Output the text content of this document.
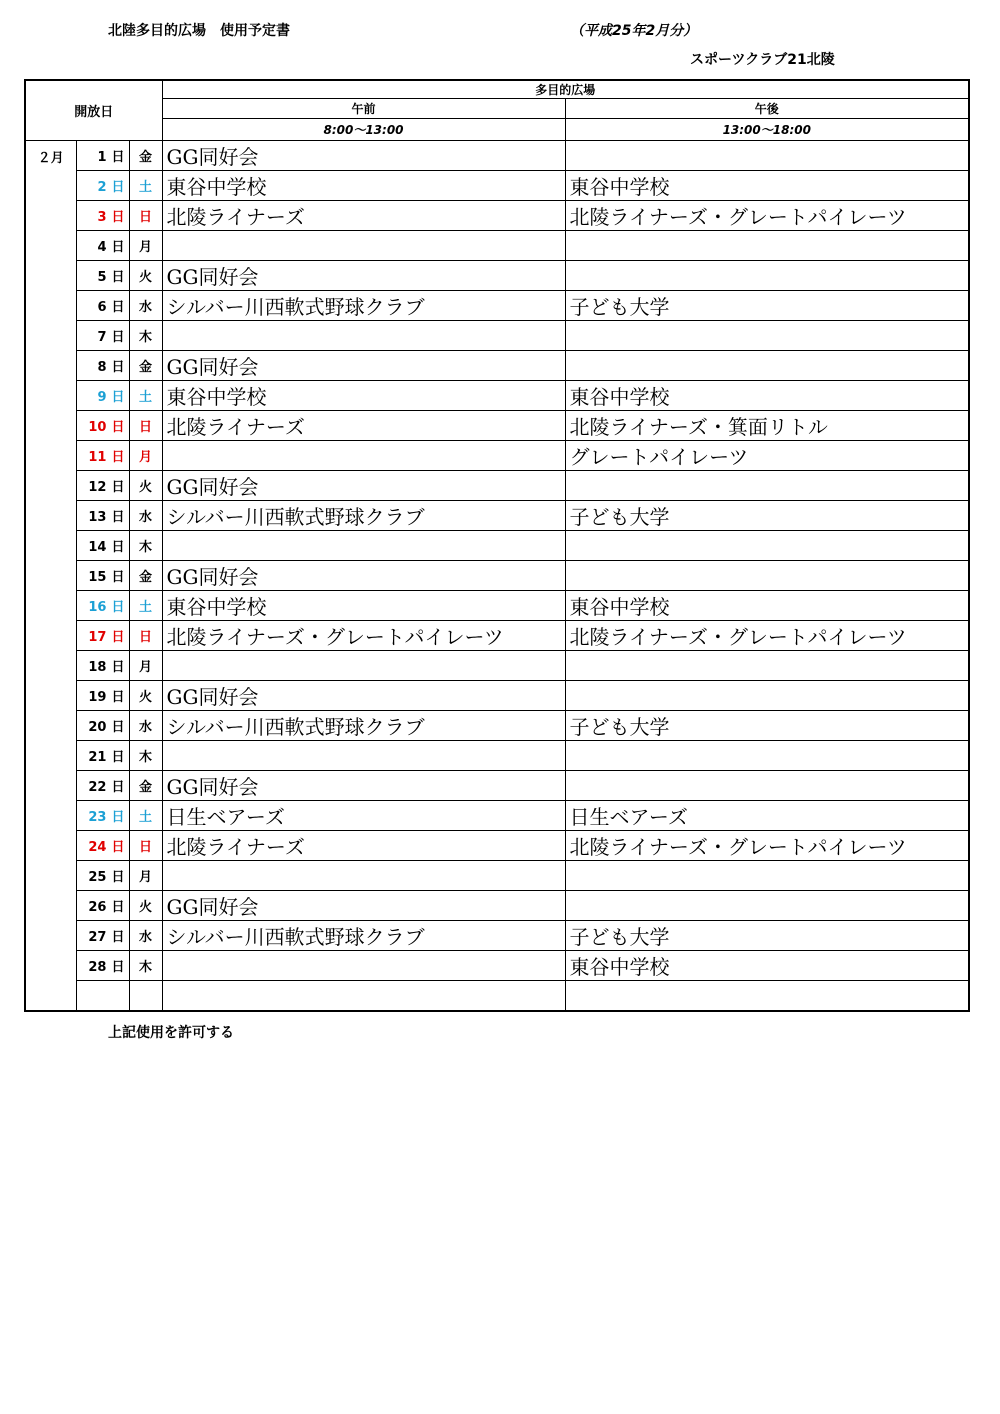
北陸多目的広場　使用予定書	（平成25年2月分）
スポーツクラブ21北陵
開放日			多目的広場	
			午前	午後
			8:00～13:00	13:00～18:00
２月	1 日	金	GG同好会	
	2 日	土	東谷中学校	東谷中学校
	3 日	日	北陵ライナーズ	北陵ライナーズ・グレートパイレーツ
	4 日	月		
	5 日	火	GG同好会	
	6 日	水	シルバー川西軟式野球クラブ	子ども大学
	7 日	木		
	8 日	金	GG同好会	
	9 日	土	東谷中学校	東谷中学校
	10 日	日	北陵ライナーズ	北陵ライナーズ・箕面リトル
	11 日	月		グレートパイレーツ
	12 日	火	GG同好会	
	13 日	水	シルバー川西軟式野球クラブ	子ども大学
	14 日	木		
	15 日	金	GG同好会	
	16 日	土	東谷中学校	東谷中学校
	17 日	日	北陵ライナーズ・グレートパイレーツ	北陵ライナーズ・グレートパイレーツ
	18 日	月		
	19 日	火	GG同好会	
	20 日	水	シルバー川西軟式野球クラブ	子ども大学
	21 日	木		
	22 日	金	GG同好会	
	23 日	土	日生ベアーズ	日生ベアーズ
	24 日	日	北陵ライナーズ	北陵ライナーズ・グレートパイレーツ
	25 日	月		
	26 日	火	GG同好会	
	27 日	水	シルバー川西軟式野球クラブ	子ども大学
	28 日	木		東谷中学校

上記使用を許可する
